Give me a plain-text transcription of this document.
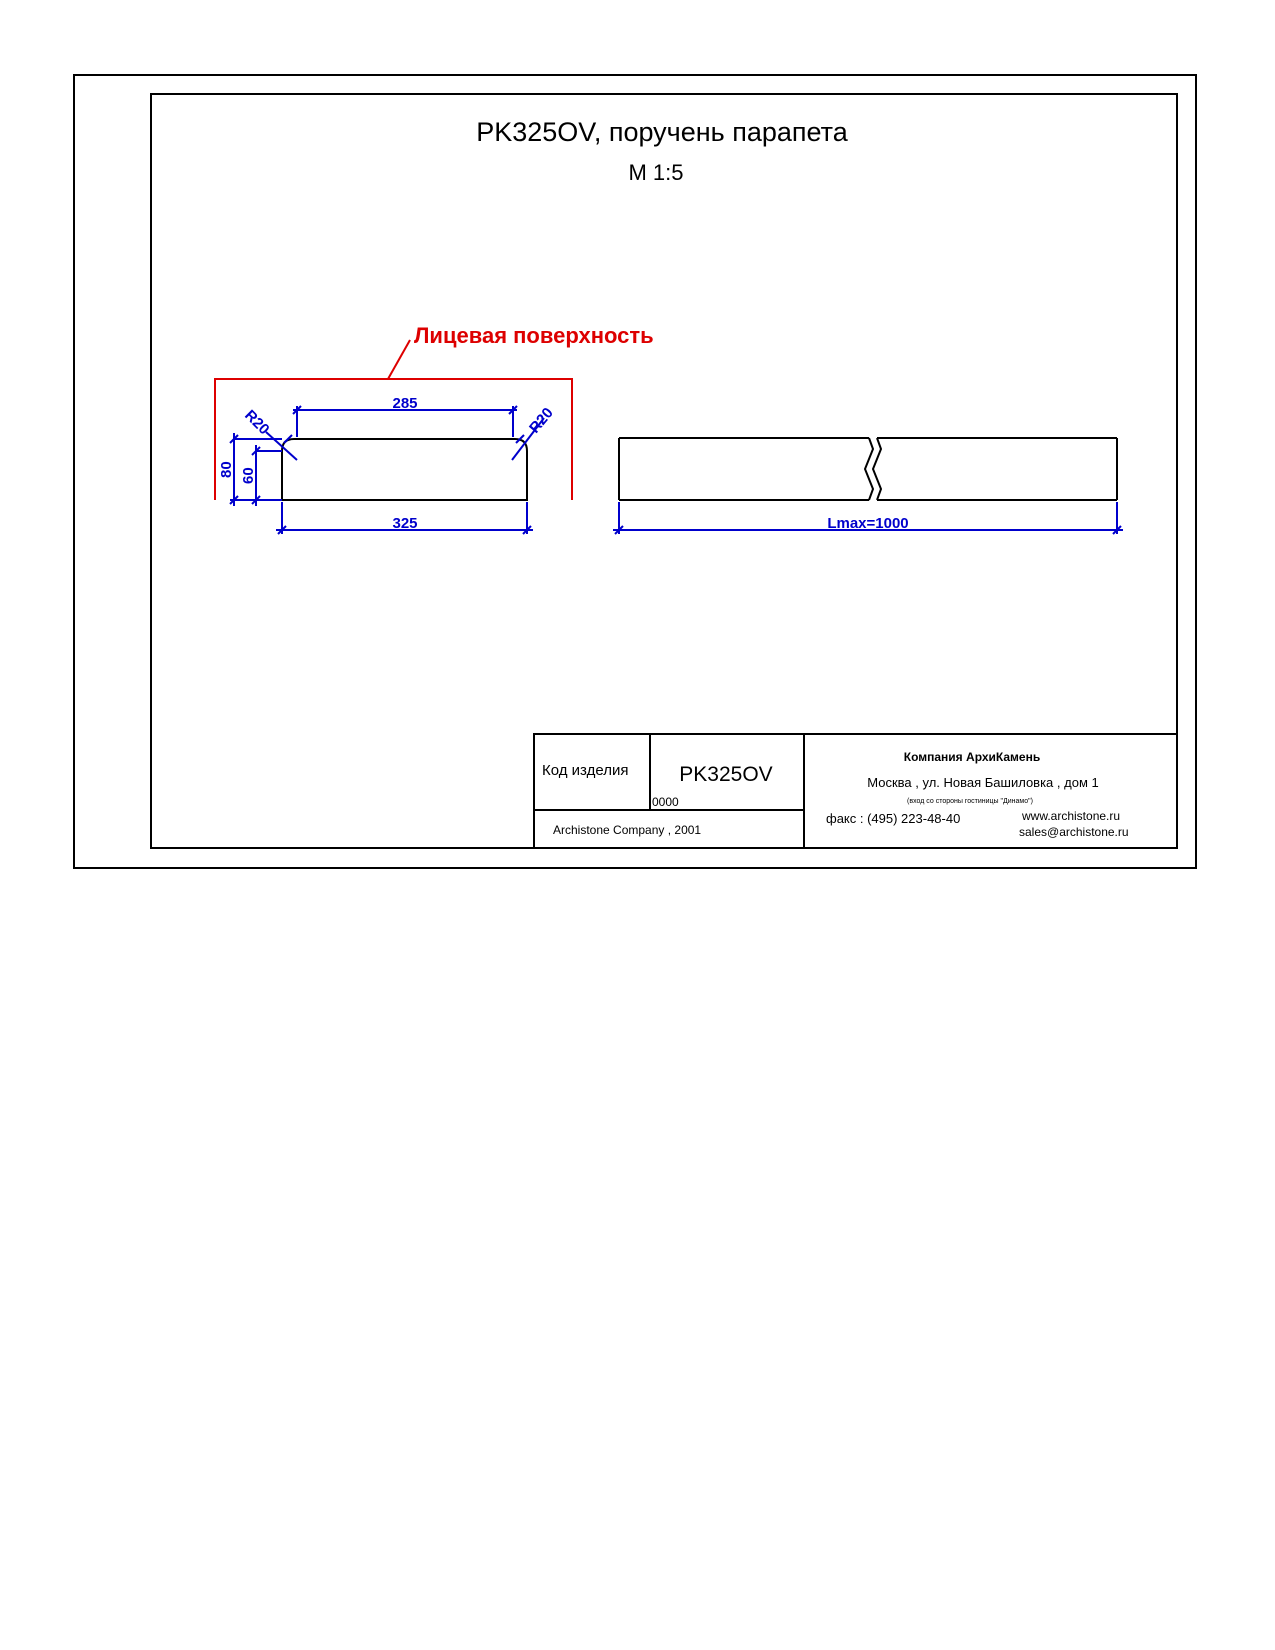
PK325OV, поручень парапета
М 1:5
Лицевая поверхность
285
325
R20	R20
80 60
Lmax=1000
Код изделия PK325OV
0000
Archistone Company , 2001
Компания АрхиКамень
Москва , ул. Новая Башиловка , дом 1
(вход со стороны гостиницы "Динамо")
факс : (495) 223-48-40	www.archistone.ru
sales@archistone.ru
